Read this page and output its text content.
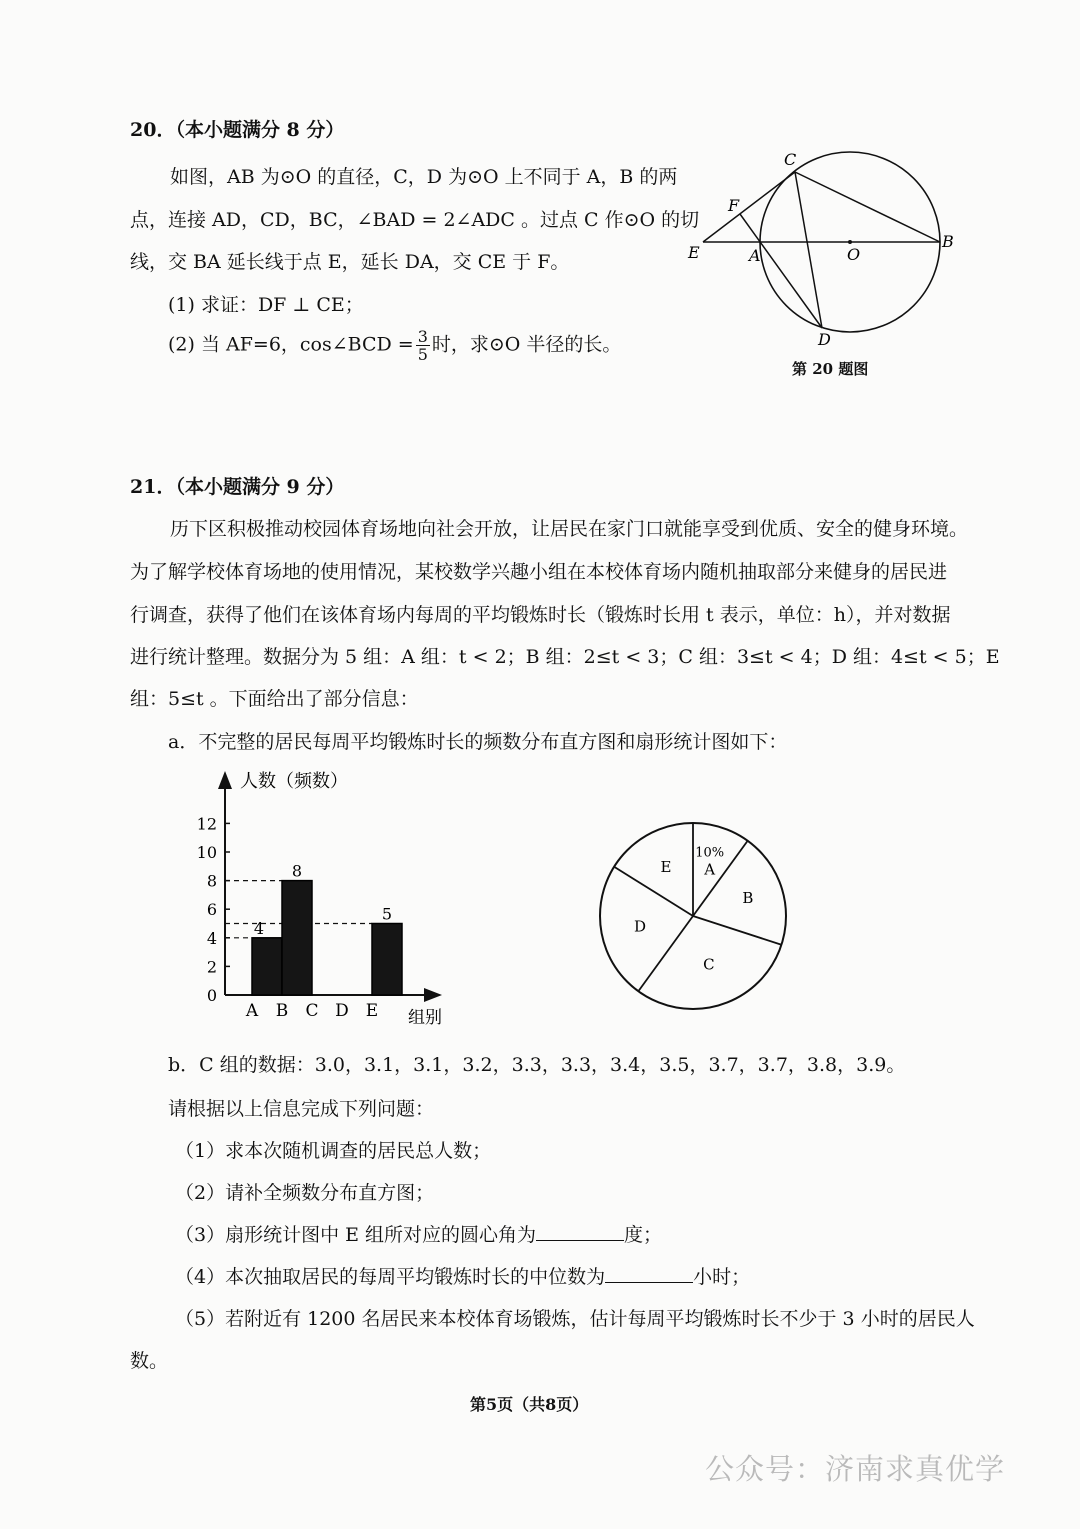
20．（本小题满分 8 分）
如图，AB 为⊙O 的直径，C，D 为⊙O 上不同于 A，B 的两
点，连接 AD，CD，BC，∠BAD = 2∠ADC 。过点 C 作⊙O 的切
线，交 BA 延长线于点 E，延长 DA，交 CE 于 F。
(1) 求证：DF ⊥ CE；
(2) 当 AF=6，cos∠BCD = $\frac{3}{5}$ 时，求⊙O 半径的长。
C
F
E	A	O
B
D
第 20 题图
21．（本小题满分 9 分）
历下区积极推动校园体育场地向社会开放，让居民在家门口就能享受到优质、安全的健身环境。
为了解学校体育场地的使用情况，某校数学兴趣小组在本校体育场内随机抽取部分来健身的居民进
行调查，获得了他们在该体育场内每周的平均锻炼时长（锻炼时长用 t 表示，单位：h），并对数据
进行统计整理。数据分为 5 组：A 组：t < 2；B 组：2≤t < 3；C 组：3≤t < 4；D 组：4≤t < 5；E
组：5≤t 。下面给出了部分信息：
a．不完整的居民每周平均锻炼时长的频数分布直方图和扇形统计图如下：
0
2
4
6
8
10
12
4
A
8
B C D
5
E
人数（频数）
组别
10%
A
B
C
D
E
b．C 组的数据：3.0，3.1，3.1，3.2，3.3，3.3，3.4，3.5，3.7，3.7，3.8，3.9。
请根据以上信息完成下列问题：
（1）求本次随机调查的居民总人数；
（2）请补全频数分布直方图；
（3）扇形统计图中 E 组所对应的圆心角为	度；
（4）本次抽取居民的每周平均锻炼时长的中位数为	小时；
（5）若附近有 1200 名居民来本校体育场锻炼，估计每周平均锻炼时长不少于 3 小时的居民人
数。
第5页（共8页）
公众号：济南求真优学
